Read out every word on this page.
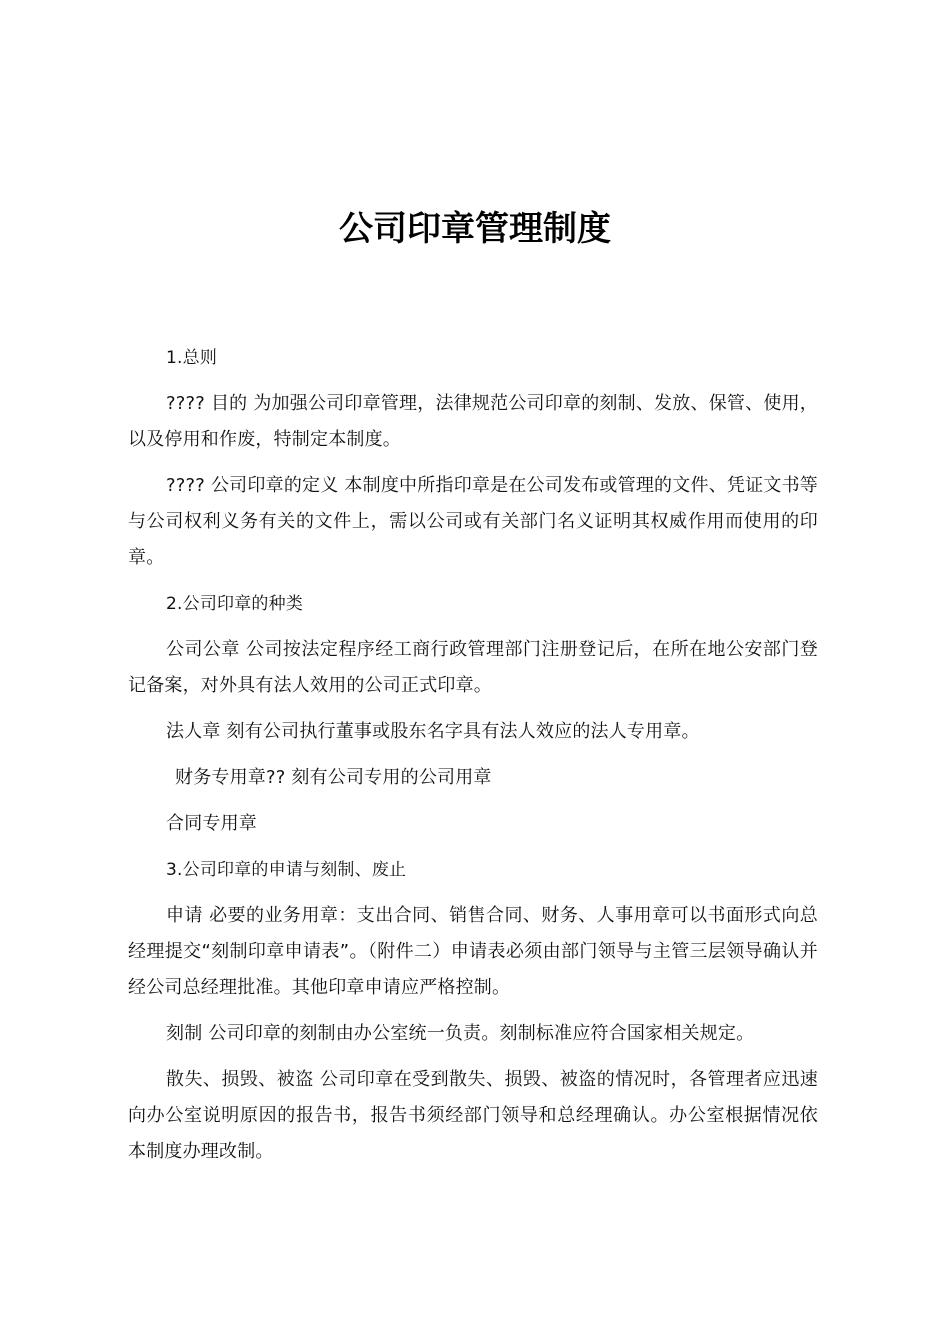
公司印章管理制度

1.总则

???? 目的 为加强公司印章管理，法律规范公司印章的刻制、发放、保管、使用，以及停用和作废，特制定本制度。

???? 公司印章的定义 本制度中所指印章是在公司发布或管理的文件、凭证文书等与公司权利义务有关的文件上，需以公司或有关部门名义证明其权威作用而使用的印章。

2.公司印章的种类

公司公章 公司按法定程序经工商行政管理部门注册登记后，在所在地公安部门登记备案，对外具有法人效用的公司正式印章。

法人章 刻有公司执行董事或股东名字具有法人效应的法人专用章。

财务专用章?? 刻有公司专用的公司用章

合同专用章

3.公司印章的申请与刻制、废止

申请 必要的业务用章：支出合同、销售合同、财务、人事用章可以书面形式向总经理提交“刻制印章申请表”。（附件二）申请表必须由部门领导与主管三层领导确认并经公司总经理批准。其他印章申请应严格控制。

刻制 公司印章的刻制由办公室统一负责。刻制标准应符合国家相关规定。

散失、损毁、被盗 公司印章在受到散失、损毁、被盗的情况时，各管理者应迅速向办公室说明原因的报告书，报告书须经部门领导和总经理确认。办公室根据情况依本制度办理改制。
